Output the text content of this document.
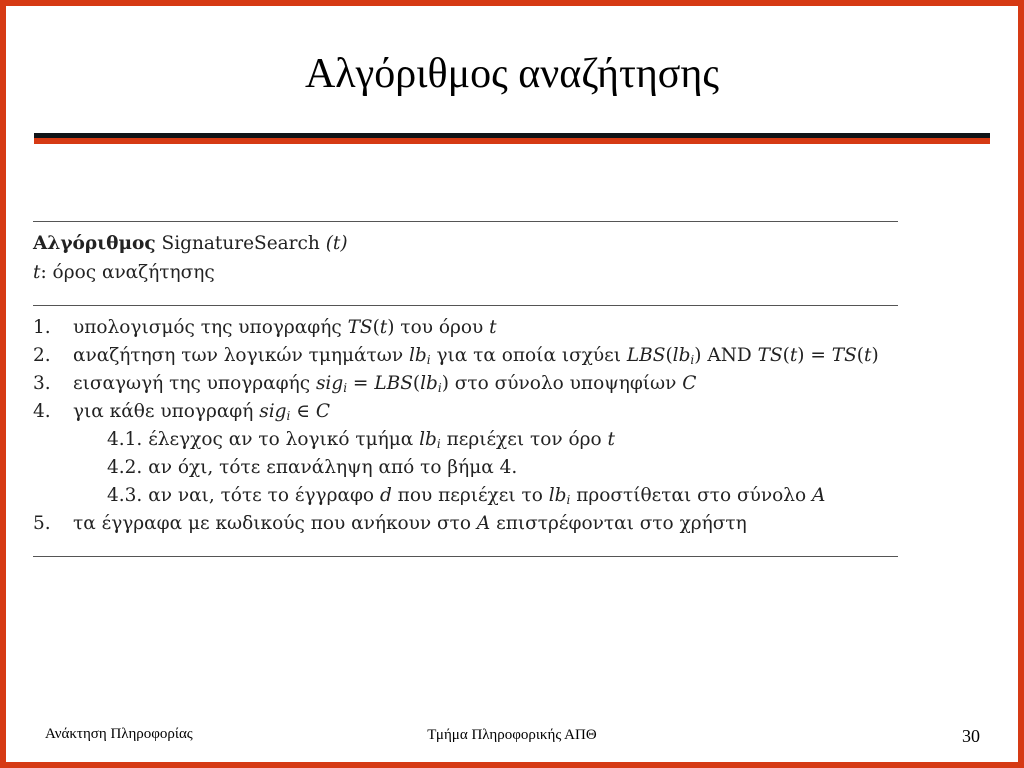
Αλγόριθμος αναζήτησης
Αλγόριθμος SignatureSearch (t)
t: όρος αναζήτησης
1. υπολογισμός της υπογραφής TS(t) του όρου t
2. αναζήτηση των λογικών τμημάτων $lb_i$ για τα οποία ισχύει $LBS(lb_i)$ AND TS(t) = TS(t)
3. εισαγωγή της υπογραφής $sig_i = LBS(lb_i)$ στο σύνολο υποψηφίων C
4. για κάθε υπογραφή sig$_i$ ∈ C
4.1. έλεγχος αν το λογικό τμήμα $lb_i$ περιέχει τον όρο t
4.2. αν όχι, τότε επανάληψη από το βήμα 4.
4.3. αν ναι, τότε το έγγραφο d που περιέχει το $lb_i$ προστίθεται στο σύνολο A
5. τα έγγραφα με κωδικούς που ανήκουν στο A επιστρέφονται στο χρήστη
Ανάκτηση Πληροφορίας	Τμήμα Πληροφορικής ΑΠΘ	30
